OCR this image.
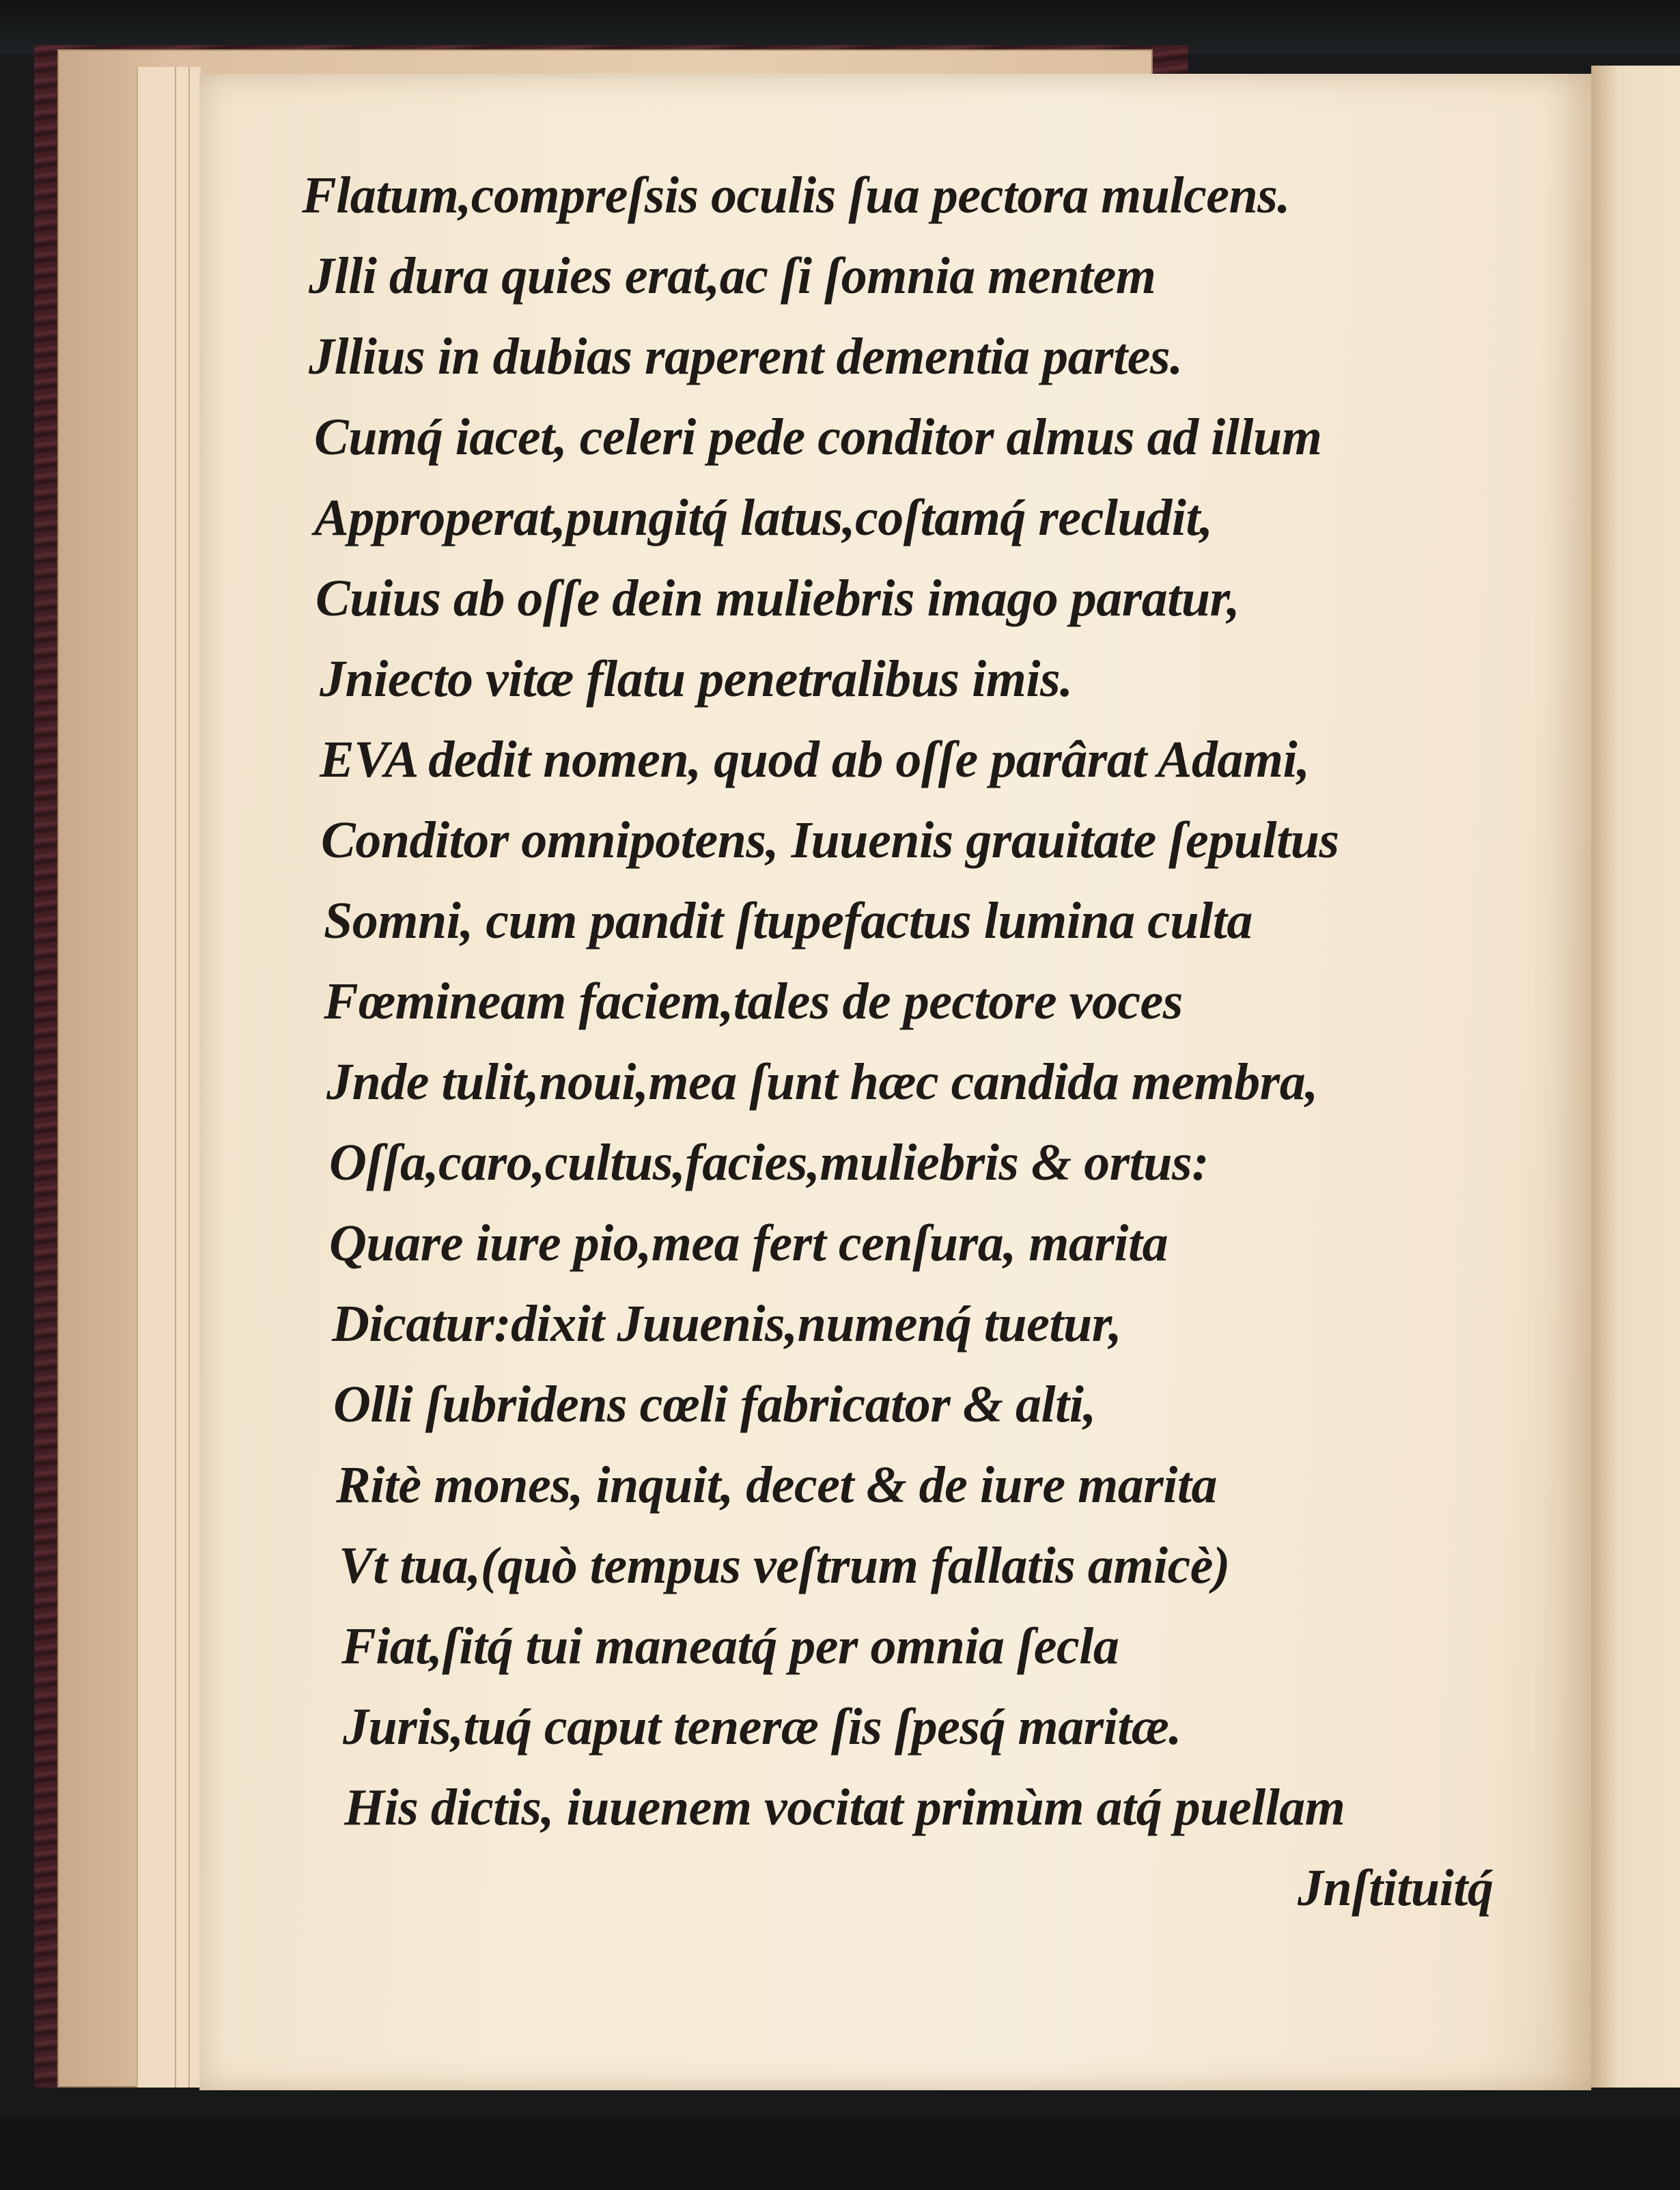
Flatum,compreſsis oculis ſua pectora mulcens.
Jlli dura quies erat,ac ſi ſomnia mentem
Jllius in dubias raperent dementia partes.
Cumq́ iacet, celeri pede conditor almus ad illum
Approperat,pungitq́ latus,coſtamq́ recludit,
Cuius ab oſſe dein muliebris imago paratur,
Jniecto vitæ flatu penetralibus imis.
EVA dedit nomen, quod ab oſſe parârat Adami,
Conditor omnipotens, Iuuenis grauitate ſepultus
Somni, cum pandit ſtupefactus lumina culta
Fœmineam faciem,tales de pectore voces
Jnde tulit,noui,mea ſunt hæc candida membra,
Oſſa,caro,cultus,facies,muliebris & ortus:
Quare iure pio,mea fert cenſura, marita
Dicatur:dixit Juuenis,numenq́ tuetur,
Olli ſubridens cœli fabricator & alti,
Ritè mones, inquit, decet & de iure marita
Vt tua,(quò tempus veſtrum fallatis amicè)
Fiat,ſitq́ tui maneatq́ per omnia ſecla
Juris,tuq́ caput teneræ ſis ſpesq́ maritæ.
His dictis, iuuenem vocitat primùm atq́ puellam
Jnſtituitq́
